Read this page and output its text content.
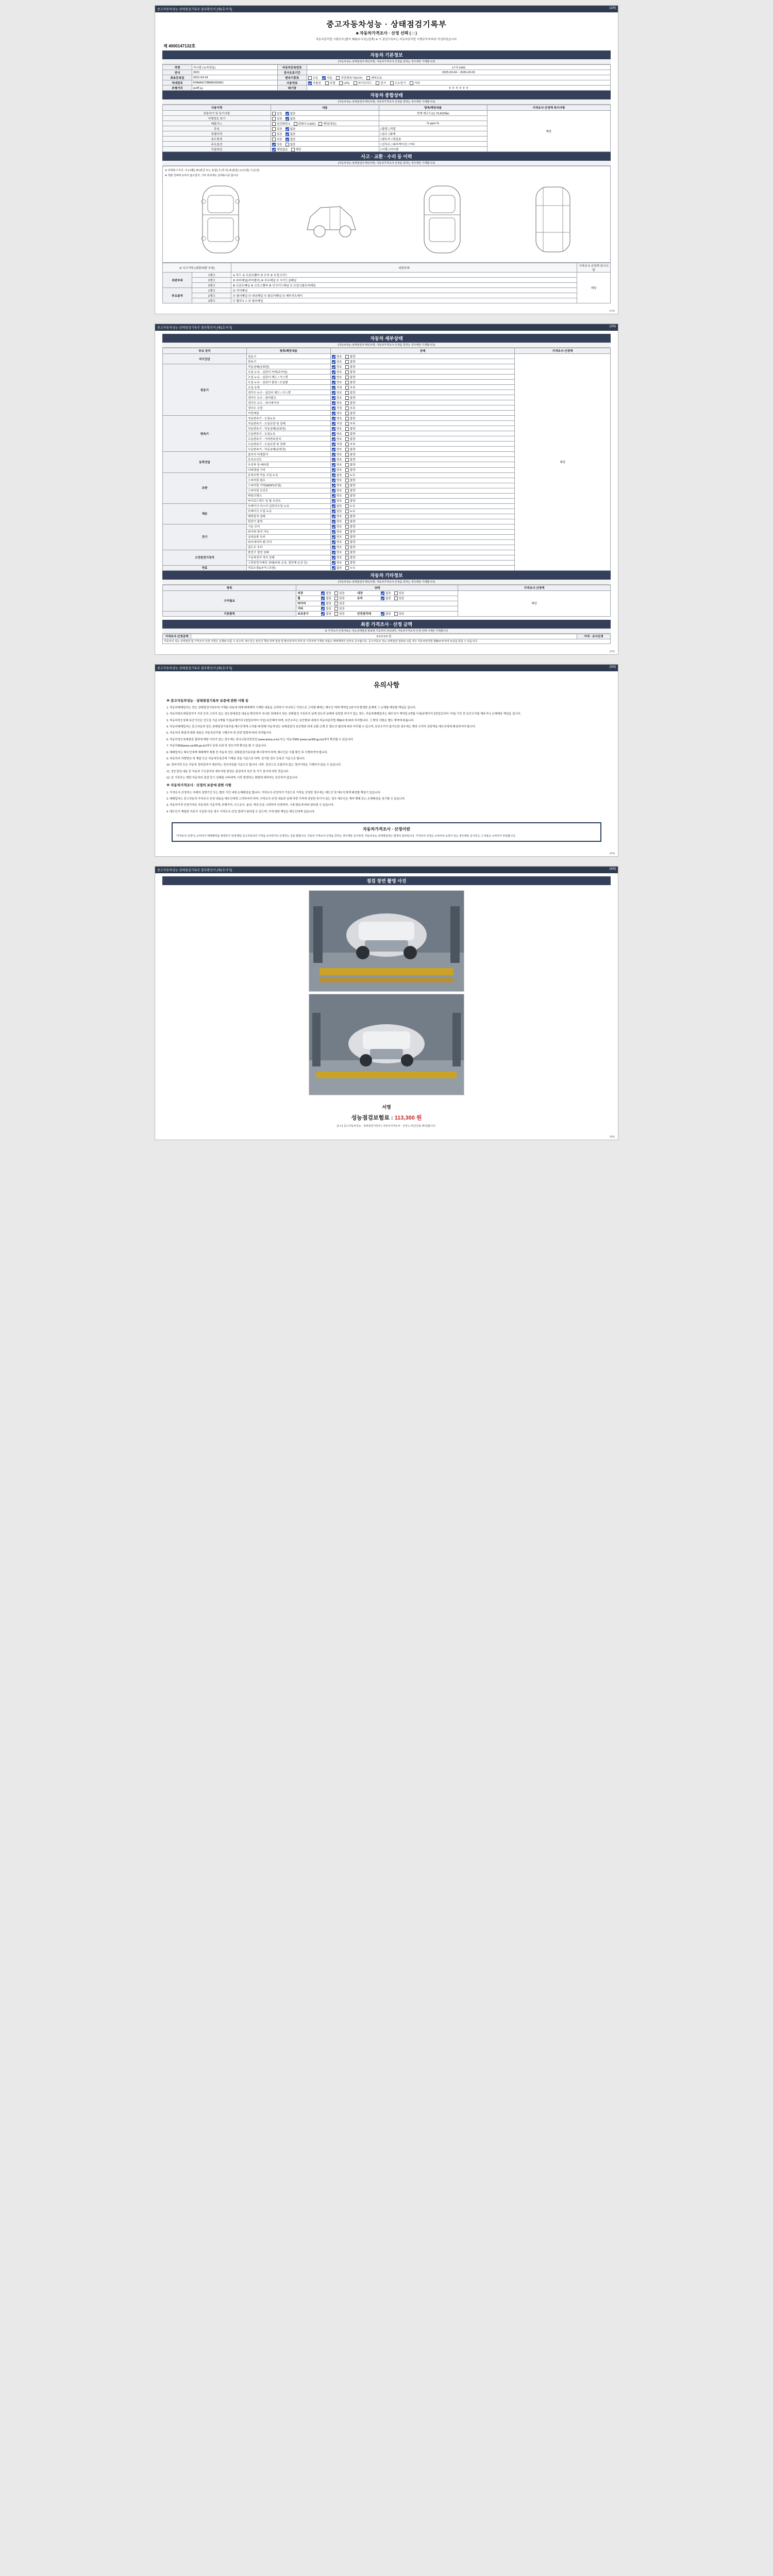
중고자동차성능·상태점검기록부 첨부확인서 [제1호서식]	(1/4)
중고자동차성능 · 상태점검기록부
■ 자동차가격조사 · 산정 선택 ( □ )
자동차관리법 시행규칙 [별지 제82호서식] (앞쪽) ※ 이 점검기록부는 자동차관리법 시행규칙에 따라 작성되었습니다.
제 4000147132호
자동차 기본정보
(자동차성능·상태점검자 확인사항, 자동차가격조사·산정을 원하는 경우에만 기재합니다)
차명	카니발 (뉴바겐올)	자동차등록번호	17서-1040
연식	2021	검사유효기간	2025-03-04 ~ 2026-03-03
최초등록일	2021-03-24	변속기종류	수동 자동 무단변속기(CVT) 세미오토
차대번호	KNMA31T88MK000061	사용연료	가솔린 디젤 LPG 하이브리드 전기 수소전기 기타
주행거리	04백 ㎞	배기량	0 0 0 0 0 0
자동차 종합상태
(자동차성능·상태점검자 확인사항, 자동차가격조사·산정을 원하는 경우에만 기재합니다)
사용이력	내용	항목/해당내용	가격조사·산정액 특이사항
전용차기 및 특기사항	있음 없음	현재 레코드(1) 70,9029㎞	해당
자체성호 표기	있음 없음		
배출가스	일산화탄소 탄화수소(HC) 매연(경유)	% ppm %	
튜닝	있음 없음	□불법 □적법	
특별이력	있음 없음	□침수 □화재	
용도변경	있음 없음	□렌트카 □영업용	
주요옵션	있음 없음	□선루프 □네비게이션 □기타	
리콜대상	해당없음 해당	□이행 □미이행	
사고 · 교환 · 수리 등 이력
(자동차성능·상태점검자 확인사항, 자동차가격조사·산정을 원하는 경우에만 기재합니다)
※ 상태표시 부호 : X (교환), W (판금 또는 용접), C (부식), A (흠집), U (요철), T (손상)
※ 착탈 상태에 속하지 않으면서, 기타 위치에도 상태표시를 합니다
※ 사고이력 (외판/내판 추천)		외판부위	가격조사·산정액 특이사항
외판부위	1랭크	① 후드 ② 프론트휀더 ③ 도어 ④ 트렁크리드	해당
	2랭크	⑤ 쿼터패널(리어펜더) ⑥ 루프패널 ⑦ 사이드실패널	
	3랭크	⑧ 프론트패널 ⑨ 크로스멤버 ⑩ 인사이드패널 ⑪ 트렁크플로어패널	
주요골격	1랭크	⑫ 리어패널	
	2랭크	⑬ 필러패널 ⑭ 대쉬패널 ⑮ 플로어패널 ⑯ 패키지트레이	
	3랭크	⑰ 휠하우스 ⑱ 필러패널	
(1/4)
중고자동차성능·상태점검기록부 첨부확인서 [제1호서식]	(2/4)
자동차 세부상태
(자동차성능·상태점검자 확인사항, 자동차가격조사·산정을 원하는 경우에만 기재합니다)
주요 장치	항목/해당내용	상태	가격조사·산정액
자기진단	원동기	양호 불량	해당
	변속기	양호 불량	
원동기	작동상태(공회전)	양호 불량	
	오일 누유 - 실린더 커버(로커암)	양호 불량	
	오일 누유 - 실린더 헤드 / 가스켓	양호 불량	
	오일 누유 - 실린더 블록 / 오일팬	양호 불량	
	오일 유량	적정 부족	
	냉각수 누수 - 실린더 헤드 / 가스켓	양호 불량	
	냉각수 누수 - 워터펌프	양호 불량	
	냉각수 누수 - 라디에이터	양호 불량	
	냉각수 수량	적정 부족	
	커먼레일	양호 불량	
변속기	자동변속기 - 오일누유	양호 불량	
	자동변속기 - 오일유량 및 상태	적정 부족	
	자동변속기 - 작동상태(공회전)	양호 불량	
	수동변속기 - 오일누유	양호 불량	
	수동변속기 - 기어변속장치	양호 불량	
	수동변속기 - 오일유량 및 상태	적정 부족	
	수동변속기 - 작동상태(공회전)	양호 불량	
동력전달	클러치 어셈블리	양호 불량	
	등속조인트	양호 불량	
	추진축 및 베어링	양호 불량	
	디퍼렌셜 기어	양호 불량	
조향	동력조향 작동 오일 누유	없음 누유	
	스티어링 펌프	양호 불량	
	스티어링 기어(MDPS포함)	양호 불량	
	스티어링 조인트	양호 불량	
	파워크랭크	양호 불량	
	타이로드엔드 및 볼 조인트	양호 불량	
제동	브레이크 마스터 실린더오일 누유	없음 누유	
	브레이크 오일 누유	없음 누유	
	배력장치 상태	양호 불량	
	빌전기 출력	양호 불량	
전기	시동 모터	양호 불량	
	와이퍼 장치 기능	양호 불량	
	실내송풍 모터	양호 불량	
	라디에이터 팬 모터	양호 불량	
	윈도우 모터	양호 불량	
고전원전기장치	충전구 절연 상태	양호 불량	
	구동축전지 격리 상태	양호 불량	
	고전원전기배선 상태(피복 손상, 절연체 손상 등)	양호 불량	
연료	연료누출(LP가스포함)	없음 누유	
자동차 기타정보
(자동차성능·상태점검자 확인사항, 자동차가격조사·산정을 원하는 경우에만 기재합니다)
항목	상태	가격조사·산정액
수리필요	외장 없음 있음 내장 없음 있음	해당
	휠 없음 있음 유리 없음 있음	
	타이어 없음 있음	
	기타 없음 있음	
기본품목	보유공구 없음 있음 안전삼각대 없음 있음	
최종 가격조사 · 산정 금액
※ 가격조사·산정자료는 성능상태점검 항목에 기초하여 작성되며, 자동차가격조사·산정 선택 시에만 기재합니다
가격조사·산정금액	0 0 0 0 0 원	가격 · 조사산정
자동차의 성능·상태점검 및 가격조사·산정 사항은 실제와 다를 수 있으며, 매수인은 본인의 책임 하에 점검 및 확인하여야 하며 본 기록부에 기재된 내용은 매매계약의 일부로 간주됩니다. 중고자동차 성능·상태점검 결과와 다를 경우 자동차관리법 제58조에 따라 보상을 받을 수 있습니다.
(2/4)
중고자동차성능·상태점검기록부 첨부확인서 [제1호서식]	(3/4)
유의사항
※ 중고자동차성능 · 상태점검기록부 보증에 관한 사항 등

1. 자동차매매업자는 성능·상태점검기록부에 기재된 내용에 대해 매매계약 기재한 내용을 교차하기 아니하고 거짓으로 고지할 때에는 매수인 에게 계약일 2년이내 발생한 문제에 그 손해를 배상할 책임을 집니다.

2. 자동차양도매점검자가 거짓 등의 고의가 있는 성능상태점검 내용을 확인하지 아니한 상태에서 성능·상태점검 기록부의 실제 성능과 상태에 상당한 차이가 있는 경우, 자동차매매업자는 매수인이 계약일 2개월 이내(주행거리 2만킬로미터 이내) 기간 중 보증수리를 해주거나 손해배상 책임을 집니다.

3. 자동차성능상태 보증기간은 인도일 기준 2개월 이상(주행거리 2천킬로미터 이상) 보증해야 하며, 보증수리는 보증범위 내에서 자동차관리법 제58조에 따라 처리합니다. 그 밖의 사항은 별도 계약에 따릅니다.

4. 자동차매매업자는 중고자동차 성능·상태점검기록부를 매수인에게 고지할 때 현행 자동차성능·상태점검의 보증범위 외에 교환·교체 등 별도의 협의에 따라 처리될 수 있으며, 보증수리가 불가능한 경우에는 해당 수리비 상당액을 매수인에게 배상하여야 합니다.

5. 자동차의 품질에 대한 내용은 자동차관리법 시행규칙 및 관련 법령에 따라 처리됩니다.

6. 자동차성능상태점검 결과에 대한 이의가 있는 경우에는 한국교통안전공단 (www.kotsa.or.kr) 또는 자동차365 (www.car365.go.kr)에서 확인할 수 있습니다.

7. 자동차365(www.car365.go.kr)에서 상세 조회 및 성능이력 확인을 할 수 있습니다.

8. 매매업자는 매수인에게 매매계약 체결 전 자동차 성능·상태점검기록부를 제시하여야 하며, 매수인은 이를 확인 후 서명하여야 합니다.

9. 자동차의 차량번호 및 제원 등은 자동차등록증에 기재된 것을 기준으로 하며, 상이한 경우 등록증 기준으로 합니다.

10. 정비이력 등은 자동차 정비업자가 제공하는 전산자료를 기준으로 합니다. 다만, 전산으로 조회되지 않는 정비이력은 기재되지 않을 수 있습니다.

11. 성능점검 내용 중 자동차 구조장치의 세부사항 판정은 점검자의 육안 및 기기 검사에 의한 것입니다.

12. 본 기록부는 해당 자동차의 점검 당시 상태를 나타내며, 이후 발생하는 변화에 대하여는 보증하지 않습니다.

※ 자동차가격조사 · 산정의 보증에 관한 사항

1. 가격조사·산정자는 아래의 설명기간 또는 협의 기간 내에 손해배상을 합니다. 가격조사·산정자가 거짓으로 가격을 산정한 경우에는 매도인 및 매수인에게 배상할 책임이 있습니다.

2. 매매업자는 중고자동차 가격조사·산정 내용을 매수인에게 고지하여야 하며, 가격조사·산정 내용과 실제 차량 가격에 상당한 차이가 있는 경우 매수인은 계약 해제 또는 손해배상을 청구할 수 있습니다.

3. 자동차가격 산정가격은 자동차의 기준가액, 주행거리, 사고유무, 옵션, 색상 등을 고려하여 산정하며, 시세 변동에 따라 달라질 수 있습니다.

4. 매도인이 제출한 자료가 사실과 다른 경우 가격조사·산정 결과가 달라질 수 있으며, 이에 대한 책임은 매도인에게 있습니다.

자동차가격조사 · 산정이란
"가격조사·산정"은 소비자가 매매계약을 체결하기 전에 해당 중고자동차의 가격을 조사하거나 산정하는 것을 말합니다. 자동차 가격조사·산정을 원하는 경우에만 실시하며, 자동차성능·상태점검과는 별개의 절차입니다. 가격조사·산정은 소비자의 요청이 있는 경우에만 실시하고 그 비용은 소비자가 부담합니다.
(3/4)
중고자동차성능·상태점검기록부 첨부확인서 [제1호서식]	(4/4)
점검 장면 촬영 사진
서명
성능점검보험료 : 113,300 원
[1 Y ] 중고자동차성능 · 상태점검기록부 | 자동차가격조사 · 산정 1 부(인감용 확인)합니다.
(4/4)
